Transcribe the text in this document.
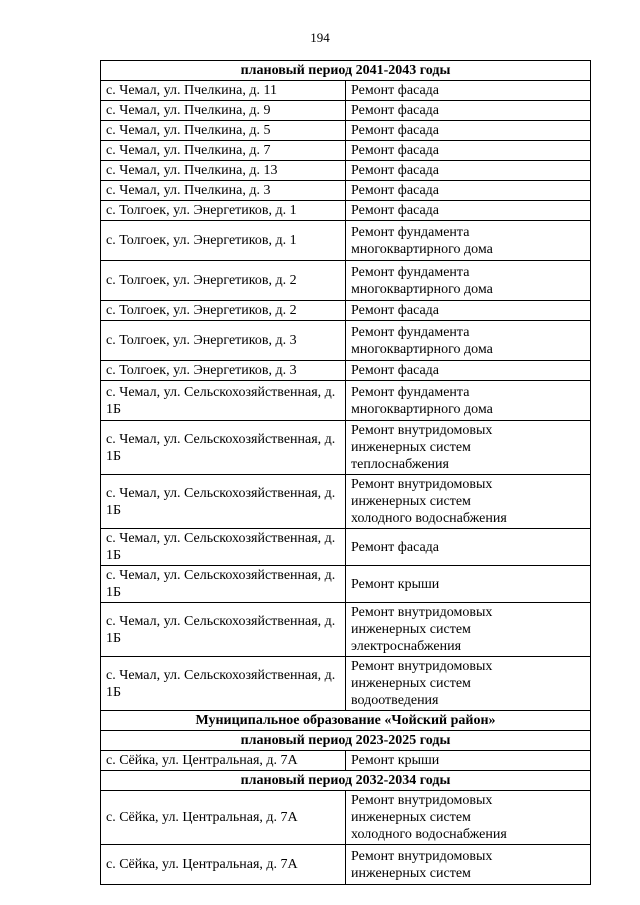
194
плановый период 2041-2043 годы	
с. Чемал, ул. Пчелкина, д. 11	Ремонт фасада
с. Чемал, ул. Пчелкина, д. 9	Ремонт фасада
с. Чемал, ул. Пчелкина, д. 5	Ремонт фасада
с. Чемал, ул. Пчелкина, д. 7	Ремонт фасада
с. Чемал, ул. Пчелкина, д. 13	Ремонт фасада
с. Чемал, ул. Пчелкина, д. 3	Ремонт фасада
с. Толгоек, ул. Энергетиков, д. 1	Ремонт фасада
с. Толгоек, ул. Энергетиков, д. 1	Ремонт фундамента
многоквартирного дома

с. Толгоек, ул. Энергетиков, д. 2	Ремонт фундамента
многоквартирного дома

с. Толгоек, ул. Энергетиков, д. 2	Ремонт фасада
с. Толгоек, ул. Энергетиков, д. 3	Ремонт фундамента
многоквартирного дома

с. Толгоек, ул. Энергетиков, д. 3	Ремонт фасада
с. Чемал, ул. Сельскохозяйственная, д. 1Б	Ремонт фундамента
многоквартирного дома

с. Чемал, ул. Сельскохозяйственная, д. 1Б	Ремонт внутридомовых
инженерных систем
теплоснабжения

с. Чемал, ул. Сельскохозяйственная, д. 1Б	Ремонт внутридомовых
инженерных систем
холодного водоснабжения

с. Чемал, ул. Сельскохозяйственная, д. 1Б	Ремонт фасада
с. Чемал, ул. Сельскохозяйственная, д. 1Б	Ремонт крыши
с. Чемал, ул. Сельскохозяйственная, д. 1Б	Ремонт внутридомовых
инженерных систем
электроснабжения

с. Чемал, ул. Сельскохозяйственная, д. 1Б	Ремонт внутридомовых
инженерных систем
водоотведения

Муниципальное образование «Чойский район»	
плановый период 2023-2025 годы	
с. Сёйка, ул. Центральная, д. 7А	Ремонт крыши
плановый период 2032-2034 годы	
с. Сёйка, ул. Центральная, д. 7А	Ремонт внутридомовых
инженерных систем
холодного водоснабжения

с. Сёйка, ул. Центральная, д. 7А	Ремонт внутридомовых
инженерных систем
